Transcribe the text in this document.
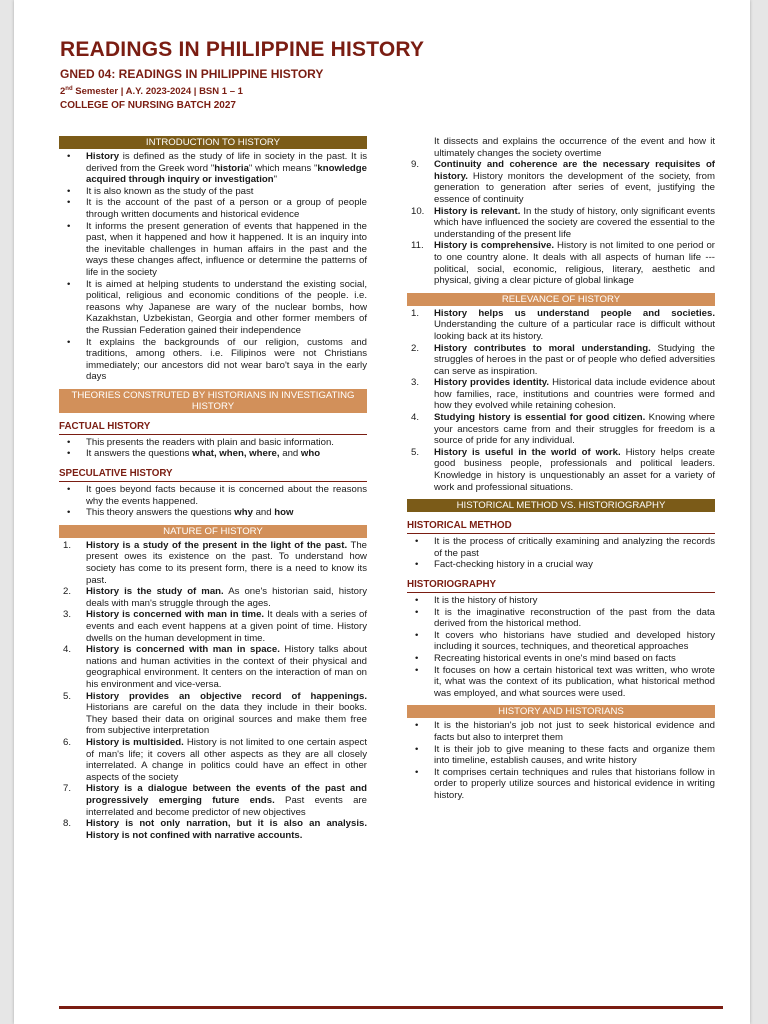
READINGS IN PHILIPPINE HISTORY
GNED 04: READINGS IN PHILIPPINE HISTORY
2nd Semester | A.Y. 2023-2024 | BSN 1 – 1
COLLEGE OF NURSING BATCH 2027
INTRODUCTION TO HISTORY
• History is defined as the study of life in society in the past. It is derived from the Greek word "historia" which means "knowledge acquired through inquiry or investigation"
• It is also known as the study of the past
• It is the account of the past of a person or a group of people through written documents and historical evidence
• It informs the present generation of events that happened in the past, when it happened and how it happened. It is an inquiry into the inevitable challenges in human affairs in the past and the ways these changes affect, influence or determine the patterns of life in the society
• It is aimed at helping students to understand the existing social, political, religious and economic conditions of the people. i.e. reasons why Japanese are wary of the nuclear bombs, how Kazakhstan, Uzbekistan, Georgia and other former members of the Russian Federation gained their independence
• It explains the backgrounds of our religion, customs and traditions, among others. i.e. Filipinos were not Christians immediately; our ancestors did not wear baro't saya in the early days
THEORIES CONSTRUTED BY HISTORIANS IN INVESTIGATING HISTORY
FACTUAL HISTORY
• This presents the readers with plain and basic information.
• It answers the questions what, when, where, and who
SPECULATIVE HISTORY
• It goes beyond facts because it is concerned about the reasons why the events happened.
• This theory answers the questions why and how
NATURE OF HISTORY
1. History is a study of the present in the light of the past. The present owes its existence on the past. To understand how society has come to its present form, there is a need to know its past.
2. History is the study of man. As one's historian said, history deals with man's struggle through the ages.
3. History is concerned with man in time. It deals with a series of events and each event happens at a given point of time. History dwells on the human development in time.
4. History is concerned with man in space. History talks about nations and human activities in the context of their physical and geographical environment. It centers on the interaction of man on his environment and vice-versa.
5. History provides an objective record of happenings. Historians are careful on the data they include in their books. They based their data on original sources and make them free from subjective interpretation
6. History is multisided. History is not limited to one certain aspect of man's life; it covers all other aspects as they are all closely interrelated. A change in politics could have an effect in other aspects of the society
7. History is a dialogue between the events of the past and progressively emerging future ends. Past events are interrelated and become predictor of new objectives
8. History is not only narration, but it is also an analysis. History is not confined with narrative accounts.
It dissects and explains the occurrence of the event and how it ultimately changes the society overtime
9. Continuity and coherence are the necessary requisites of history. History monitors the development of the society, from generation to generation after series of event, justifying the essence of continuity
10. History is relevant. In the study of history, only significant events which have influenced the society are covered the essential to the understanding of the present life
11. History is comprehensive. History is not limited to one period or to one country alone. It deals with all aspects of human life --- political, social, economic, religious, literary, aesthetic and physical, giving a clear picture of global linkage
RELEVANCE OF HISTORY
1. History helps us understand people and societies. Understanding the culture of a particular race is difficult without looking back at its history.
2. History contributes to moral understanding. Studying the struggles of heroes in the past or of people who defied adversities can serve as inspiration.
3. History provides identity. Historical data include evidence about how families, race, institutions and countries were formed and how they evolved while retaining cohesion.
4. Studying history is essential for good citizen. Knowing where your ancestors came from and their struggles for freedom is a source of pride for any individual.
5. History is useful in the world of work. History helps create good business people, professionals and political leaders. Knowledge in history is unquestionably an asset for a variety of work and professional situations.
HISTORICAL METHOD VS. HISTORIOGRAPHY
HISTORICAL METHOD
• It is the process of critically examining and analyzing the records of the past
• Fact-checking history in a crucial way
HISTORIOGRAPHY
• It is the history of history
• It is the imaginative reconstruction of the past from the data derived from the historical method.
• It covers who historians have studied and developed history including it sources, techniques, and theoretical approaches
• Recreating historical events in one's mind based on facts
• It focuses on how a certain historical text was written, who wrote it, what was the context of its publication, what historical method was employed, and what sources were used.
HISTORY AND HISTORIANS
• It is the historian's job not just to seek historical evidence and facts but also to interpret them
• It is their job to give meaning to these facts and organize them into timeline, establish causes, and write history
• It comprises certain techniques and rules that historians follow in order to properly utilize sources and historical evidence in writing history.
